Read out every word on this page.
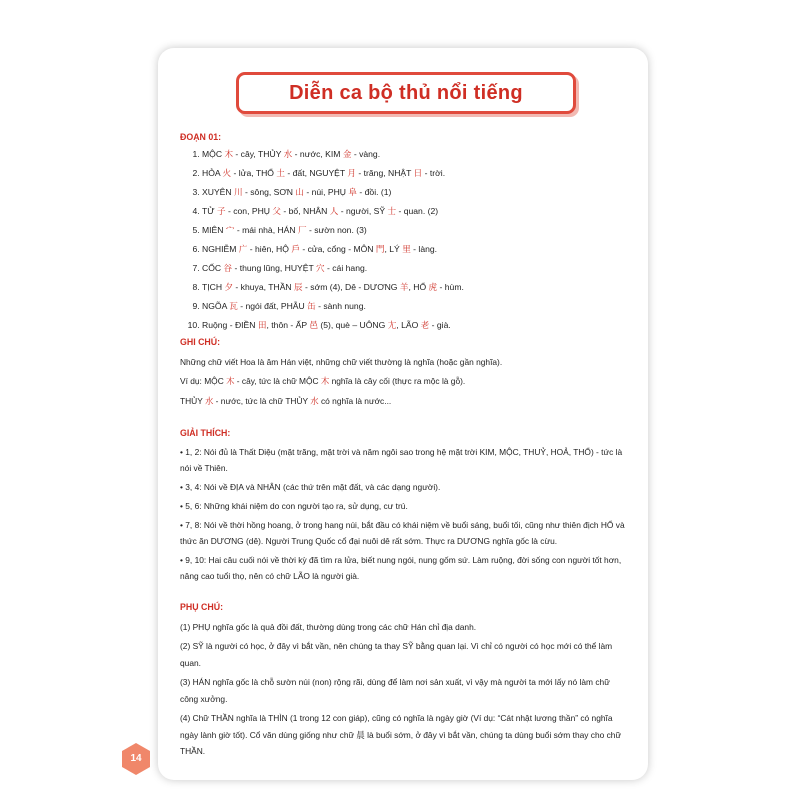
Diễn ca bộ thủ nổi tiếng

ĐOẠN 01:

1. MỘC 木 - cây, THỦY 水 - nước, KIM 金 - vàng.
2. HỎA 火 - lửa, THỔ 土 - đất, NGUYỆT 月 - trăng, NHẬT 日 - trời.
3. XUYÊN 川 - sông, SƠN 山 - núi, PHỤ 阜 - đồi. (1)
4. TỬ 子 - con, PHỤ 父 - bố, NHÂN 人 - người, SỸ 士 - quan. (2)
5. MIÊN 宀 - mái nhà, HÁN 厂 - sườn non. (3)
6. NGHIỄM 广 - hiên, HỘ 戶 - cửa, cổng - MÔN 門, LÝ 里 - làng.
7. CỐC 谷 - thung lũng, HUYỆT 穴 - cái hang.
8. TỊCH 夕 - khuya, THẦN 辰 - sớm (4), Dê - DƯƠNG 羊, HỔ 虎 - hùm.
9. NGÕA 瓦 - ngói đất, PHẪU 缶 - sành nung.
10. Ruộng - ĐIỀN 田, thôn - ẤP 邑 (5), què – UÔNG 尢, LÃO 老 - già.

GHI CHÚ:

Những chữ viết Hoa là âm Hán việt, những chữ viết thường là nghĩa (hoặc gần nghĩa).

Ví dụ: MỘC 木 - cây, tức là chữ MỘC 木 nghĩa là cây cối (thực ra mộc là gỗ).

THỦY 水 - nước, tức là chữ THỦY 水 có nghĩa là nước...

GIẢI THÍCH:

• 1, 2: Nói đủ là Thất Diệu (mặt trăng, mặt trời và năm ngôi sao trong hệ mặt trời KIM, MỘC, THUỶ, HOẢ, THỔ) - tức là nói về Thiên.

• 3, 4: Nói về ĐỊA và NHÂN (các thứ trên mặt đất, và các dạng người).

• 5, 6: Những khái niệm do con người tạo ra, sử dụng, cư trú.

• 7, 8: Nói về thời hồng hoang, ở trong hang núi, bắt đầu có khái niệm về buổi sáng, buổi tối, cũng như thiên địch HỔ và thức ăn DƯƠNG (dê). Người Trung Quốc cổ đại nuôi dê rất sớm. Thực ra DƯƠNG nghĩa gốc là cừu.

• 9, 10: Hai câu cuối nói về thời kỳ đã tìm ra lửa, biết nung ngói, nung gốm sứ. Làm ruộng, đời sống con người tốt hơn, nâng cao tuổi thọ, nên có chữ LÃO là người già.

PHỤ CHÚ:

(1) PHỤ nghĩa gốc là quả đồi đất, thường dùng trong các chữ Hán chỉ địa danh.

(2) SỸ là người có học, ở đây vì bắt vần, nên chúng ta thay SỸ bằng quan lại. Vì chỉ có người có học mới có thể làm quan.

(3) HÁN nghĩa gốc là chỗ sườn núi (non) rộng rãi, dùng để làm nơi sản xuất, vì vậy mà người ta mới lấy nó làm chữ công xưởng.

(4) Chữ THẦN nghĩa là THÌN (1 trong 12 con giáp), cũng có nghĩa là ngày giờ (Ví dụ: “Cát nhật lương thần” có nghĩa ngày lành giờ tốt). Cổ văn dùng giống như chữ 晨 là buổi sớm, ở đây vì bắt vần, chúng ta dùng buổi sớm thay cho chữ THẦN.

14
